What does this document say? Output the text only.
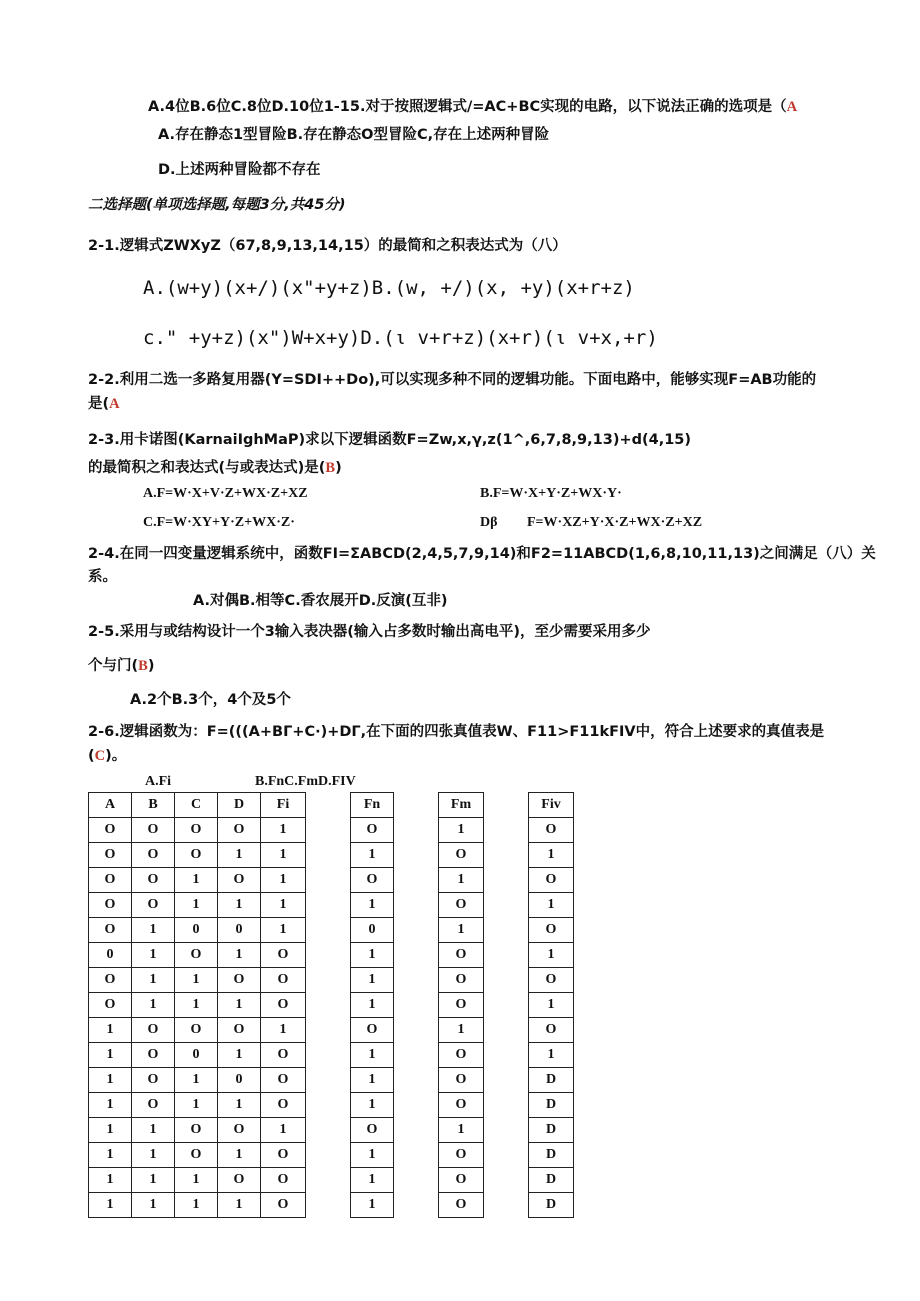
A.4位B.6位C.8位D.10位1-15.对于按照逻辑式/=AC+BC实现的电路，以下说法正确的选项是（A
A.存在静态1型冒险B.存在静态O型冒险C,存在上述两种冒险
D.上述两种冒险都不存在
二选择题(单项选择题,每题3分,共45分)
2-1.逻辑式ZWXyZ（67,8,9,13,14,15）的最简和之积表达式为（八）
A.(w+y)(x+/)(x"+y+z)B.(w, +/)(x, +y)(x+r+z)
c." +y+z)(x")W+x+y)D.(ι v+r+z)(x+r)(ι v+x,+r)
2-2.利用二选一多路复用器(Y=SDI++Do),可以实现多种不同的逻辑功能。下面电路中，能够实现F=AB功能的
是(A
2-3.用卡诺图(KarnaiIghMaP)求以下逻辑函数F=Zw,x,γ,z(1^,6,7,8,9,13)+d(4,15)
的最简积之和表达式(与或表达式)是(B)
A.F=W·X+V·Z+WX·Z+XZ	B.F=W·X+Y·Z+WX·Y·
C.F=W·XY+Y·Z+WX·Z·	Dβ F=W·XZ+Y·X·Z+WX·Z+XZ
2-4.在同一四变量逻辑系统中，函数FI=ΣABCD(2,4,5,7,9,14)和F2=11ABCD(1,6,8,10,11,13)之间满足（八）关
系。
A.对偶B.相等C.香农展开D.反演(互非)
2-5.采用与或结构设计一个3输入表决器(输入占多数时输出高电平)，至少需要采用多少
个与门(B)
A.2个B.3个，4个及5个
2-6.逻辑函数为：F=(((A+BΓ+C·)+DΓ,在下面的四张真值表W、F11>F11kFIV中，符合上述要求的真值表是
(C)。
A.Fi	B.FnC.FmD.FIV
A	B	C	D	Fi		Fn		Fm		Fiv
O	O	O	O	1		O		1		O
O	O	O	1	1		1		O		1
O	O	1	O	1		O		1		O
O	O	1	1	1		1		O		1
O	1	0	0	1		0		1		O
0	1	O	1	O		1		O		1
O	1	1	O	O		1		O		O
O	1	1	1	O		1		O		1
1	O	O	O	1		O		1		O
1	O	0	1	O		1		O		1
1	O	1	0	O		1		O		D
1	O	1	1	O		1		O		D
1	1	O	O	1		O		1		D
1	1	O	1	O		1		O		D
1	1	1	O	O		1		O		D
1	1	1	1	O		1		O		D
